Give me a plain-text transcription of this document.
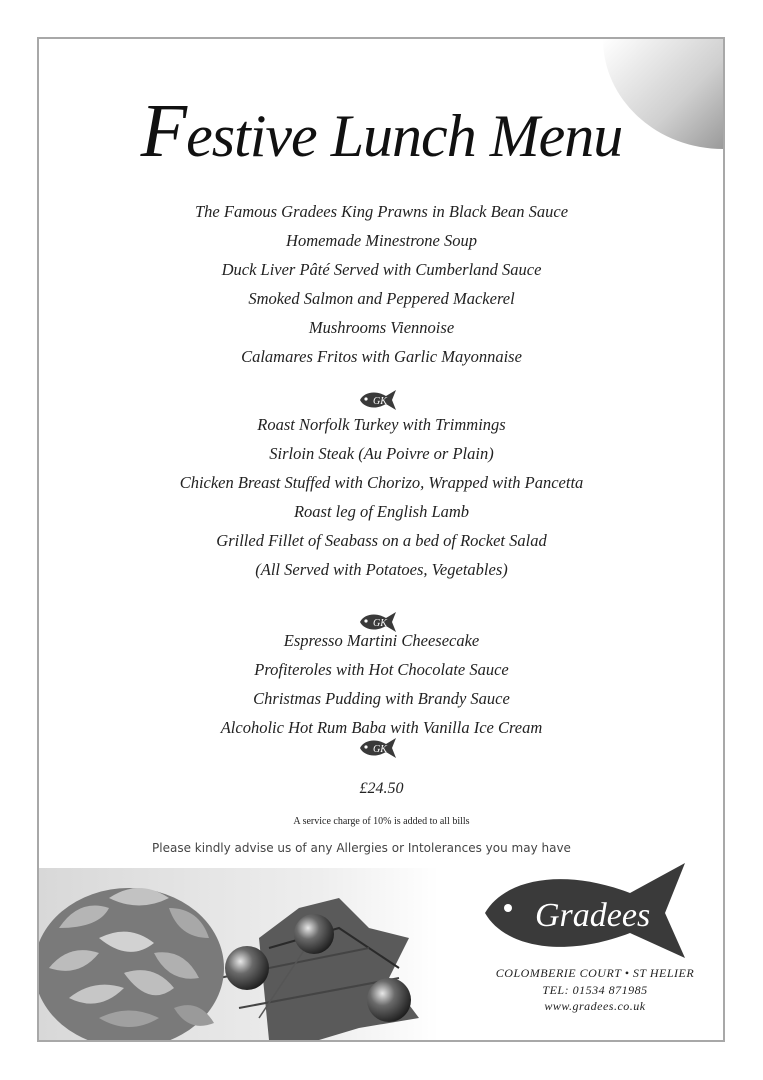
Festive Lunch Menu
The Famous Gradees King Prawns in Black Bean Sauce
Homemade Minestrone Soup
Duck Liver Pâté Served with Cumberland Sauce
Smoked Salmon and Peppered Mackerel
Mushrooms Viennoise
Calamares Fritos with Garlic Mayonnaise
GK
Roast Norfolk Turkey with Trimmings
Sirloin Steak (Au Poivre or Plain)
Chicken Breast Stuffed with Chorizo, Wrapped with Pancetta
Roast leg of English Lamb
Grilled Fillet of Seabass on a bed of Rocket Salad
(All Served with Potatoes, Vegetables)
GK
Espresso Martini Cheesecake
Profiteroles with Hot Chocolate Sauce
Christmas Pudding with Brandy Sauce
Alcoholic Hot Rum Baba with Vanilla Ice Cream
GK
£24.50
A service charge of 10% is added to all bills
Please kindly advise us of any Allergies or Intolerances you may have
Gradees
COLOMBERIE COURT • ST HELIER
TEL: 01534 871985
www.gradees.co.uk
